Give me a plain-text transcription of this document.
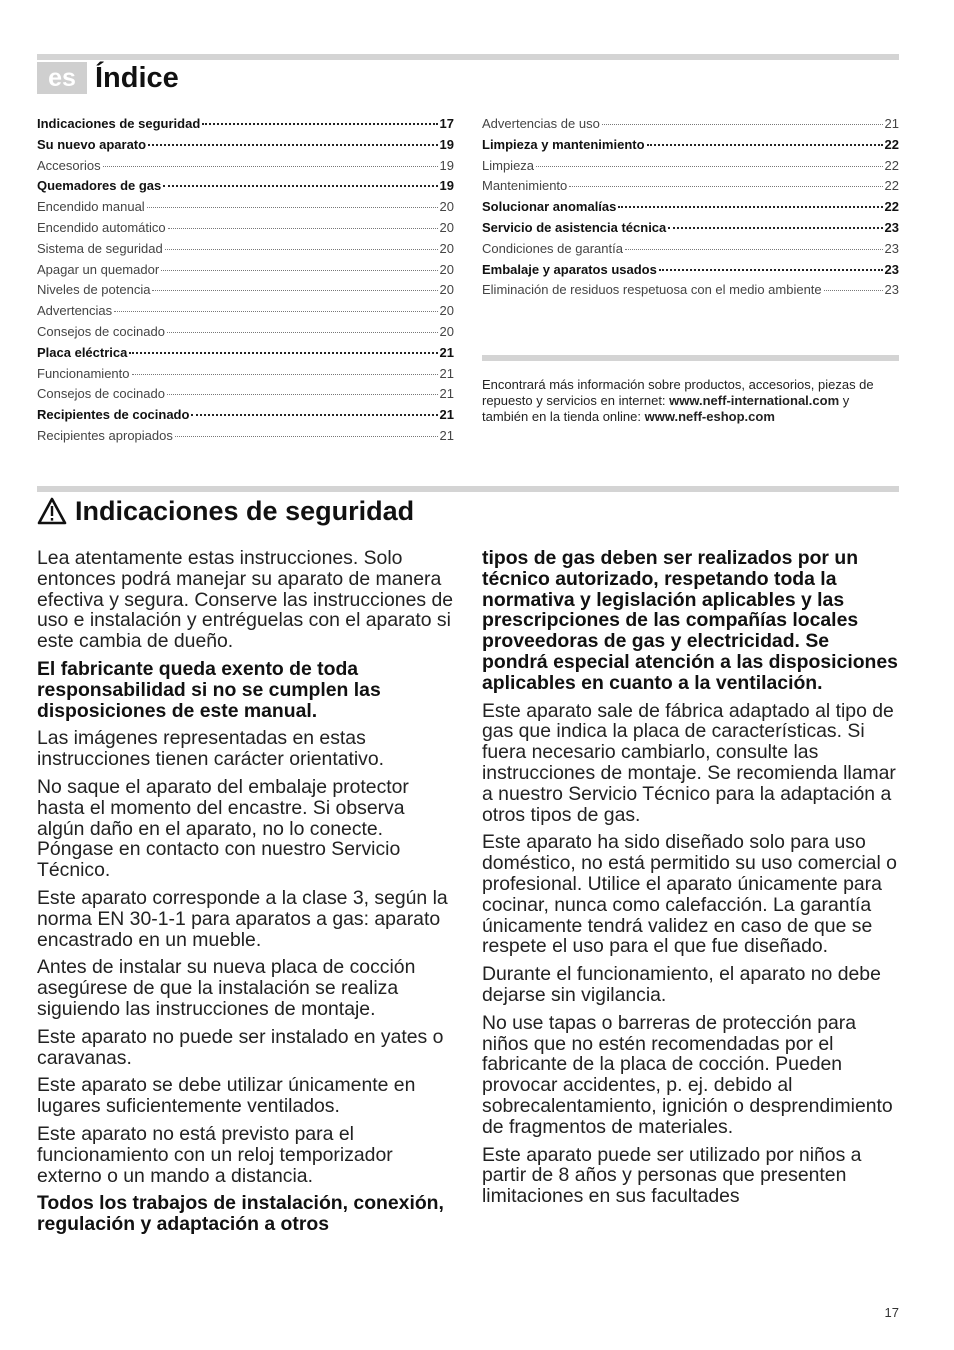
es Índice
Indicaciones de seguridad	17
Su nuevo aparato	19
Accesorios	19
Quemadores de gas	19
Encendido manual	20
Encendido automático	20
Sistema de seguridad	20
Apagar un quemador	20
Niveles de potencia	20
Advertencias	20
Consejos de cocinado	20
Placa eléctrica	21
Funcionamiento	21
Consejos de cocinado	21
Recipientes de cocinado	21
Recipientes apropiados	21
Advertencias de uso	21
Limpieza y mantenimiento	22
Limpieza	22
Mantenimiento	22
Solucionar anomalías	22
Servicio de asistencia técnica	23
Condiciones de garantía	23
Embalaje y aparatos usados	23
Eliminación de residuos respetuosa con el medio ambiente	23
Encontrará más información sobre productos, accesorios, piezas de repuesto y servicios en internet: www.neff-international.com y también en la tienda online: www.neff-eshop.com
Indicaciones de seguridad

Lea atentamente estas instrucciones. Solo entonces podrá manejar su aparato de manera efectiva y segura. Conserve las instrucciones de uso e instalación y entréguelas con el aparato si este cambia de dueño.

El fabricante queda exento de toda responsabilidad si no se cumplen las disposiciones de este manual.

Las imágenes representadas en estas instrucciones tienen carácter orientativo.

No saque el aparato del embalaje protector hasta el momento del encastre. Si observa algún daño en el aparato, no lo conecte. Póngase en contacto con nuestro Servicio Técnico.

Este aparato corresponde a la clase 3, según la norma EN 30-1-1 para aparatos a gas: aparato encastrado en un mueble.

Antes de instalar su nueva placa de cocción asegúrese de que la instalación se realiza siguiendo las instrucciones de montaje.

Este aparato no puede ser instalado en yates o caravanas.

Este aparato se debe utilizar únicamente en lugares suficientemente ventilados.

Este aparato no está previsto para el funcionamiento con un reloj temporizador externo o un mando a distancia.

Todos los trabajos de instalación, conexión, regulación y adaptación a otros

tipos de gas deben ser realizados por un técnico autorizado, respetando toda la normativa y legislación aplicables y las prescripciones de las compañías locales proveedoras de gas y electricidad. Se pondrá especial atención a las disposiciones aplicables en cuanto a la ventilación.

Este aparato sale de fábrica adaptado al tipo de gas que indica la placa de características. Si fuera necesario cambiarlo, consulte las instrucciones de montaje. Se recomienda llamar a nuestro Servicio Técnico para la adaptación a otros tipos de gas.

Este aparato ha sido diseñado solo para uso doméstico, no está permitido su uso comercial o profesional. Utilice el aparato únicamente para cocinar, nunca como calefacción. La garantía únicamente tendrá validez en caso de que se respete el uso para el que fue diseñado.

Durante el funcionamiento, el aparato no debe dejarse sin vigilancia.

No use tapas o barreras de protección para niños que no estén recomendadas por el fabricante de la placa de cocción. Pueden provocar accidentes, p. ej. debido al sobrecalentamiento, ignición o desprendimiento de fragmentos de materiales.

Este aparato puede ser utilizado por niños a partir de 8 años y personas que presenten limitaciones en sus facultades

17
